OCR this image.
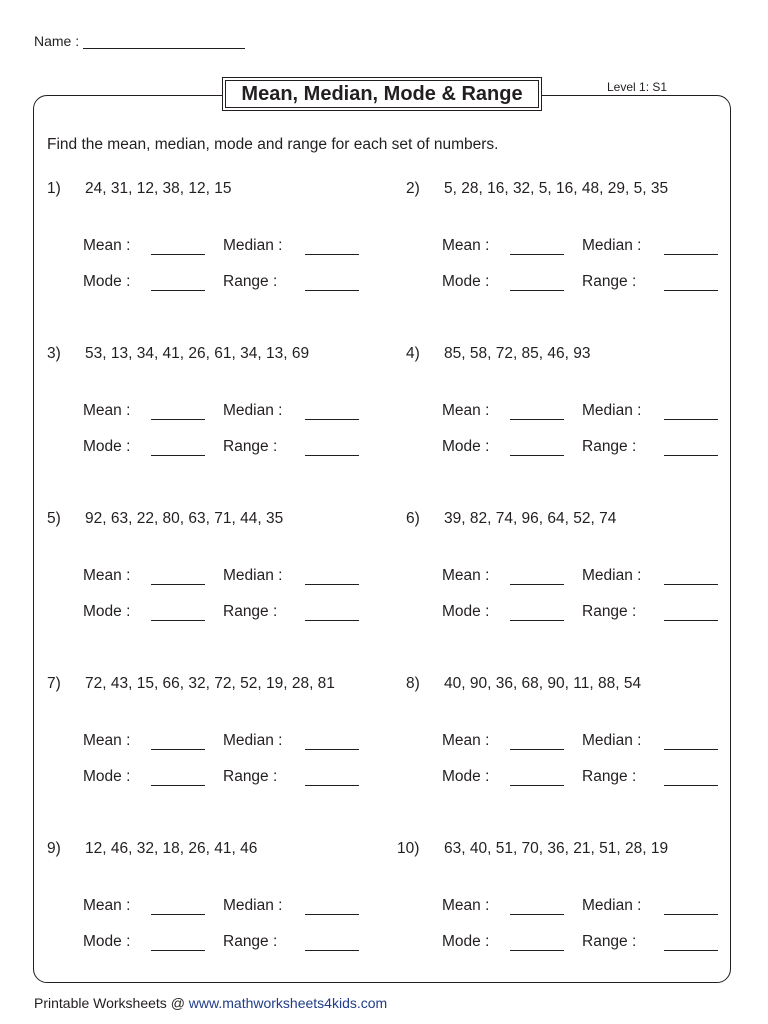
Name :
Mean, Median, Mode & Range	Level 1: S1
Find the mean, median, mode and range for each set of numbers.
1) 24, 31, 12, 38, 12, 15
Mean :	Median :
Mode :	Range :
2) 5, 28, 16, 32, 5, 16, 48, 29, 5, 35
Mean :	Median :
Mode :	Range :
3) 53, 13, 34, 41, 26, 61, 34, 13, 69
Mean :	Median :
Mode :	Range :
4) 85, 58, 72, 85, 46, 93
Mean :	Median :
Mode :	Range :
5) 92, 63, 22, 80, 63, 71, 44, 35
Mean :	Median :
Mode :	Range :
6) 39, 82, 74, 96, 64, 52, 74
Mean :	Median :
Mode :	Range :
7) 72, 43, 15, 66, 32, 72, 52, 19, 28, 81
Mean :	Median :
Mode :	Range :
8) 40, 90, 36, 68, 90, 11, 88, 54
Mean :	Median :
Mode :	Range :
9) 12, 46, 32, 18, 26, 41, 46
Mean :	Median :
Mode :	Range :
10) 63, 40, 51, 70, 36, 21, 51, 28, 19
Mean :	Median :
Mode :	Range :
Printable Worksheets @ www.mathworksheets4kids.com
